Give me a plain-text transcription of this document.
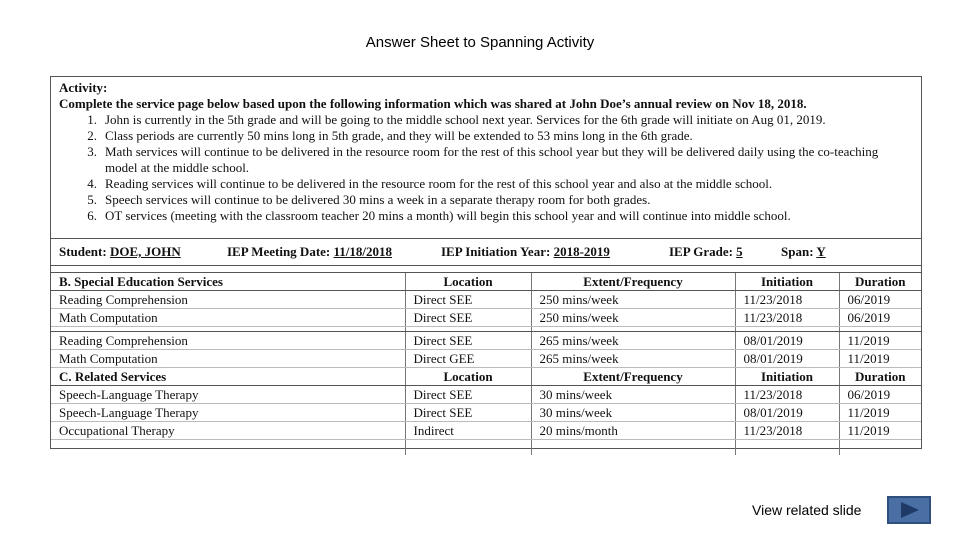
Answer Sheet to Spanning Activity
Activity:
Complete the service page below based upon the following information which was shared at John Doe’s annual review on Nov 18, 2018.
1. John is currently in the 5th grade and will be going to the middle school next year. Services for the 6th grade will initiate on Aug 01, 2019.
2. Class periods are currently 50 mins long in 5th grade, and they will be extended to 53 mins long in the 6th grade.
3. Math services will continue to be delivered in the resource room for the rest of this school year but they will be delivered daily using the co-teaching model at the middle school.
4. Reading services will continue to be delivered in the resource room for the rest of this school year and also at the middle school.
5. Speech services will continue to be delivered 30 mins a week in a separate therapy room for both grades.
6. OT services (meeting with the classroom teacher 20 mins a month) will begin this school year and will continue into middle school.
Student: DOE, JOHN	IEP Meeting Date: 11/18/2018	IEP Initiation Year: 2018-2019	IEP Grade: 5	Span: Y
B. Special Education Services	Location	Extent/Frequency	Initiation	Duration
Reading Comprehension	Direct SEE	250 mins/week	11/23/2018	06/2019
Math Computation	Direct SEE	250 mins/week	11/23/2018	06/2019

Reading Comprehension	Direct SEE	265 mins/week	08/01/2019	11/2019
Math Computation	Direct GEE	265 mins/week	08/01/2019	11/2019
C. Related Services	Location	Extent/Frequency	Initiation	Duration
Speech-Language Therapy	Direct SEE	30 mins/week	11/23/2018	06/2019
Speech-Language Therapy	Direct SEE	30 mins/week	08/01/2019	11/2019
Occupational Therapy	Indirect	20 mins/month	11/23/2018	11/2019

View related slide
